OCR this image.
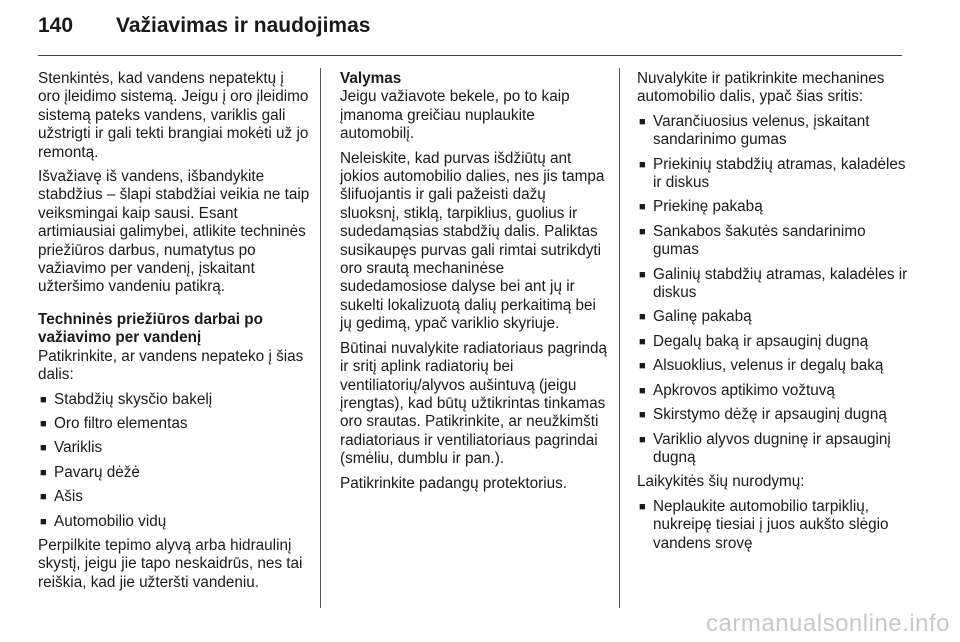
140	Važiavimas ir naudojimas

Stenkintės, kad vandens nepatektų į oro įleidimo sistemą. Jeigu į oro įleidimo sistemą pateks vandens, variklis gali užstrigti ir gali tekti brangiai mokėti už jo remontą.

Išvažiavę iš vandens, išbandykite stabdžius – šlapi stabdžiai veikia ne taip veiksmingai kaip sausi. Esant artimiausiai galimybei, atlikite techninės priežiūros darbus, numatytus po važiavimo per vandenį, įskaitant užteršimo vandeniu patikrą.

Techninės priežiūros darbai po važiavimo per vandenį

Patikrinkite, ar vandens nepateko į šias dalis:

■ Stabdžių skysčio bakelį
■ Oro filtro elementas
■ Variklis
■ Pavarų dėžė
■ Ašis
■ Automobilio vidų

Perpilkite tepimo alyvą arba hidraulinį skystį, jeigu jie tapo neskaidrūs, nes tai reiškia, kad jie užteršti vandeniu.

Valymas

Jeigu važiavote bekele, po to kaip įmanoma greičiau nuplaukite automobilį.

Neleiskite, kad purvas išdžiūtų ant jokios automobilio dalies, nes jis tampa šlifuojantis ir gali pažeisti dažų sluoksnį, stiklą, tarpiklius, guolius ir sudedamąsias stabdžių dalis. Paliktas susikaupęs purvas gali rimtai sutrikdyti oro srautą mechaninėse sudedamosiose dalyse bei ant jų ir sukelti lokalizuotą dalių perkaitimą bei jų gedimą, ypač variklio skyriuje.

Būtinai nuvalykite radiatoriaus pagrindą ir sritį aplink radiatorių bei ventiliatorių/alyvos aušintuvą (jeigu įrengtas), kad būtų užtikrintas tinkamas oro srautas. Patikrinkite, ar neužkimšti radiatoriaus ir ventiliatoriaus pagrindai (smėliu, dumblu ir pan.).

Patikrinkite padangų protektorius.

Nuvalykite ir patikrinkite mechanines automobilio dalis, ypač šias sritis:

■ Varančiuosius velenus, įskaitant sandarinimo gumas
■ Priekinių stabdžių atramas, kaladėles ir diskus
■ Priekinę pakabą
■ Sankabos šakutės sandarinimo gumas
■ Galinių stabdžių atramas, kaladėles ir diskus
■ Galinę pakabą
■ Degalų baką ir apsauginį dugną
■ Alsuoklius, velenus ir degalų baką
■ Apkrovos aptikimo vožtuvą
■ Skirstymo dėžę ir apsauginį dugną
■ Variklio alyvos dugninę ir apsauginį dugną

Laikykitės šių nurodymų:

■ Neplaukite automobilio tarpiklių, nukreipę tiesiai į juos aukšto slėgio vandens srovę
carmanualsonline.info
